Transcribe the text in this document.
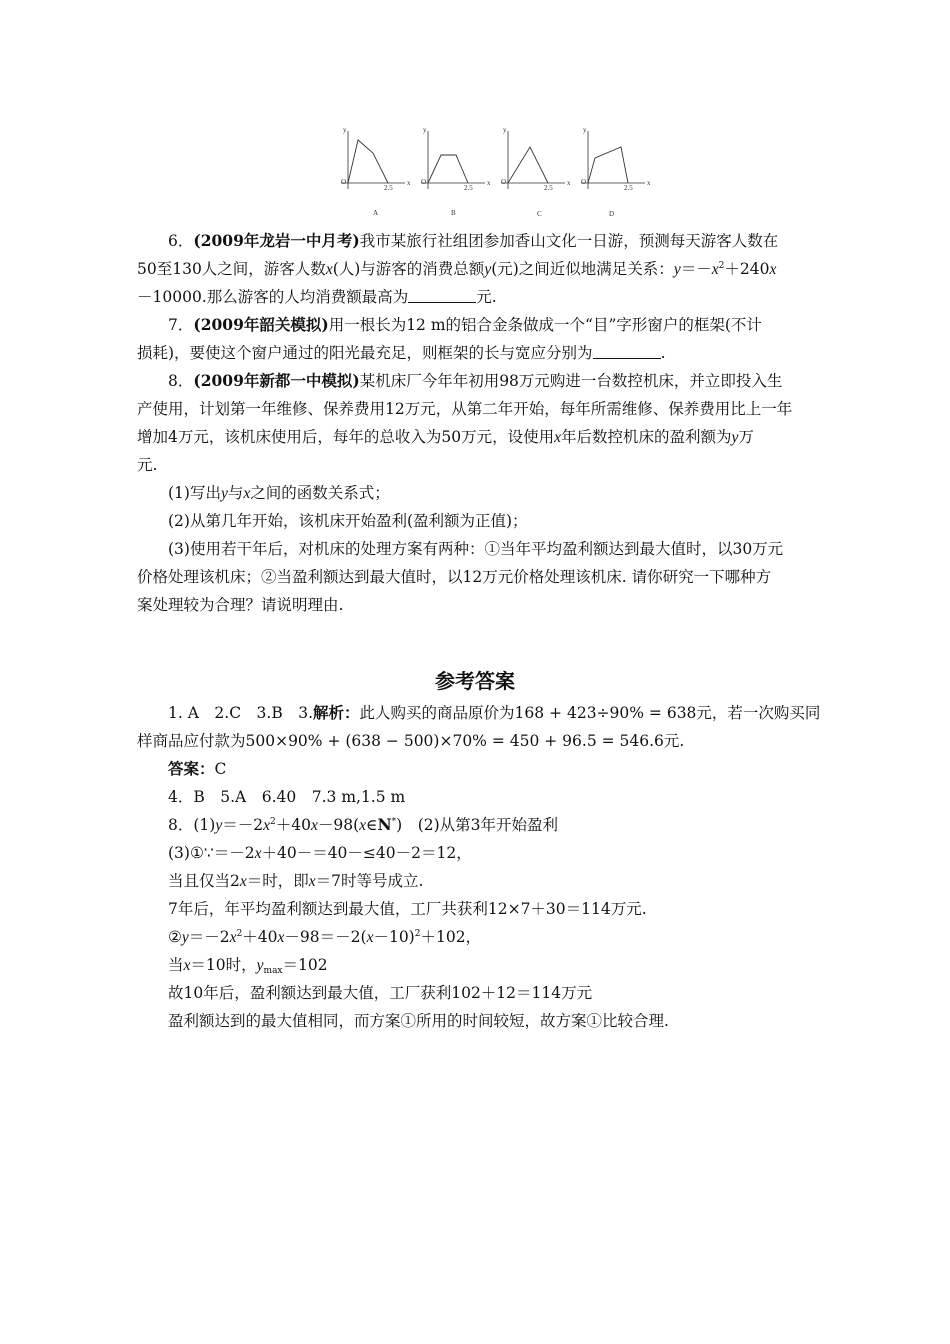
y
O	x
2.5
A
y
O	x
2.5
B
y
O	x
2.5
C
y
O	x
2.5
D
6．(2009年龙岩一中月考)我市某旅行社组团参加香山文化一日游，预测每天游客人数在
50至130人之间，游客人数x(人)与游客的消费总额y(元)之间近似地满足关系：$y=-x^2+240x$
－10000.那么游客的人均消费额最高为	元.
7．(2009年韶关模拟)用一根长为12 m的铝合金条做成一个“目”字形窗户的框架(不计
损耗)，要使这个窗户通过的阳光最充足，则框架的长与宽应分别为	.
8．(2009年新都一中模拟)某机床厂今年年初用98万元购进一台数控机床，并立即投入生
产使用，计划第一年维修、保养费用12万元，从第二年开始，每年所需维修、保养费用比上一年
增加4万元，该机床使用后，每年的总收入为50万元，设使用x年后数控机床的盈利额为y万
元.
(1)写出y与x之间的函数关系式；
(2)从第几年开始，该机床开始盈利(盈利额为正值)；
(3)使用若干年后，对机床的处理方案有两种：①当年平均盈利额达到最大值时，以30万元
价格处理该机床；②当盈利额达到最大值时，以12万元价格处理该机床. 请你研究一下哪种方
案处理较为合理？请说明理由.
参考答案
1. A　2.C　3.B　3.解析：此人购买的商品原价为168 + 423÷90% = 638元，若一次购买同
样商品应付款为500×90% + (638 − 500)×70% = 450 + 96.5 = 546.6元.
答案：C
4．B　5.A　6.40　7.3 m,1.5 m
8．$(1)y=-2x^2+40x-98(x\in N^*)$　(2)从第3年开始盈利
(3)①∵＝－2x＋40－＝40－≤40－2＝12，
当且仅当2x＝时，即x＝7时等号成立.
7年后，年平均盈利额达到最大值，工厂共获利12×7＋30＝114万元.
$②y=-2x^2+40x-98=-2(x-10)^2+102$，
当x＝10时，$y_{max}=102$
故10年后，盈利额达到最大值，工厂获利102＋12＝114万元
盈利额达到的最大值相同，而方案①所用的时间较短，故方案①比较合理.
